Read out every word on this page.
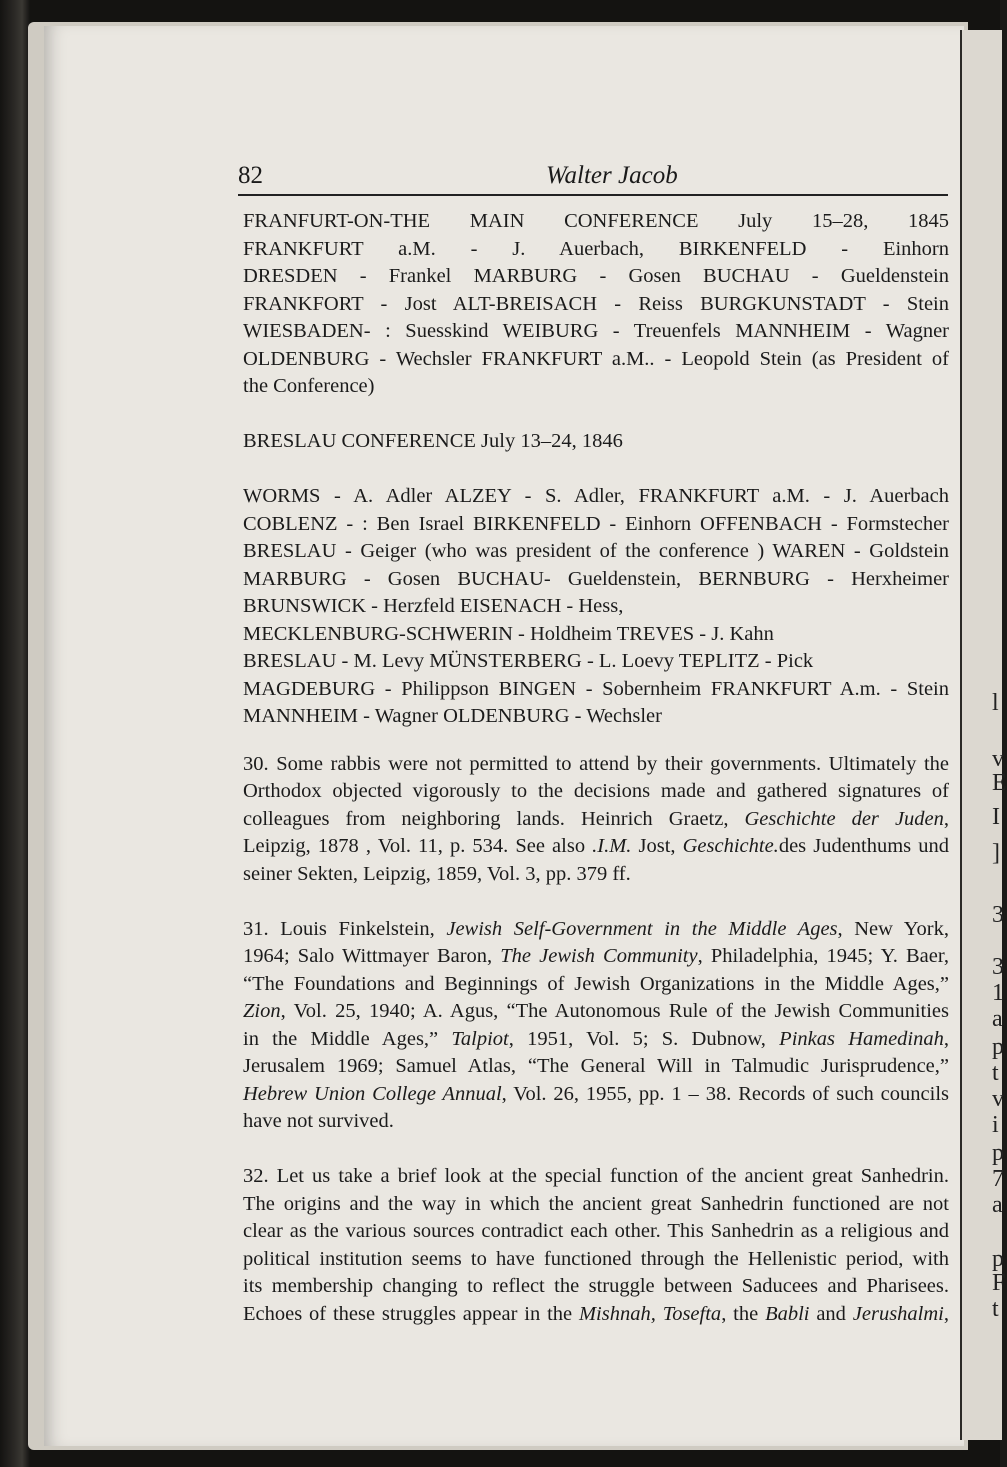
l
v
E
I
]
3
3
1
a
p
t
v
i
p
7
a
p
F
t
82	Walter Jacob
FRANFURT-ON-THE MAIN CONFERENCE July 15–28, 1845
FRANKFURT a.M. - J. Auerbach, BIRKENFELD - Einhorn
DRESDEN - Frankel MARBURG - Gosen BUCHAU - Gueldenstein
FRANKFORT - Jost ALT-BREISACH - Reiss BURGKUNSTADT - Stein
WIESBADEN- : Suesskind WEIBURG - Treuenfels MANNHEIM - Wagner
OLDENBURG - Wechsler FRANKFURT a.M.. - Leopold Stein (as President of
the Conference)
BRESLAU CONFERENCE July 13–24, 1846
WORMS - A. Adler ALZEY - S. Adler, FRANKFURT a.M. - J. Auerbach
COBLENZ - : Ben Israel BIRKENFELD - Einhorn OFFENBACH - Formstecher
BRESLAU - Geiger (who was president of the conference ) WAREN - Goldstein
MARBURG - Gosen BUCHAU- Gueldenstein, BERNBURG - Herxheimer
BRUNSWICK - Herzfeld EISENACH - Hess,
MECKLENBURG-SCHWERIN - Holdheim TREVES - J. Kahn
BRESLAU - M. Levy MÜNSTERBERG - L. Loevy TEPLITZ - Pick
MAGDEBURG - Philippson BINGEN - Sobernheim FRANKFURT A.m. - Stein
MANNHEIM - Wagner OLDENBURG - Wechsler
30. Some rabbis were not permitted to attend by their governments. Ultimately the
Orthodox objected vigorously to the decisions made and gathered signatures of
colleagues from neighboring lands. Heinrich Graetz, Geschichte der Juden,
Leipzig, 1878 , Vol. 11, p. 534. See also .I.M. Jost, Geschichte.des Judenthums und
seiner Sekten, Leipzig, 1859, Vol. 3, pp. 379 ff.
31. Louis Finkelstein, Jewish Self-Government in the Middle Ages, New York,
1964; Salo Wittmayer Baron, The Jewish Community, Philadelphia, 1945; Y. Baer,
“The Foundations and Beginnings of Jewish Organizations in the Middle Ages,”
Zion, Vol. 25, 1940; A. Agus, “The Autonomous Rule of the Jewish Communities
in the Middle Ages,” Talpiot, 1951, Vol. 5; S. Dubnow, Pinkas Hamedinah,
Jerusalem 1969; Samuel Atlas, “The General Will in Talmudic Jurisprudence,”
Hebrew Union College Annual, Vol. 26, 1955, pp. 1 – 38. Records of such councils
have not survived.
32. Let us take a brief look at the special function of the ancient great Sanhedrin.
The origins and the way in which the ancient great Sanhedrin functioned are not
clear as the various sources contradict each other. This Sanhedrin as a religious and
political institution seems to have functioned through the Hellenistic period, with
its membership changing to reflect the struggle between Saducees and Pharisees.
Echoes of these struggles appear in the Mishnah, Tosefta, the Babli and Jerushalmi,
